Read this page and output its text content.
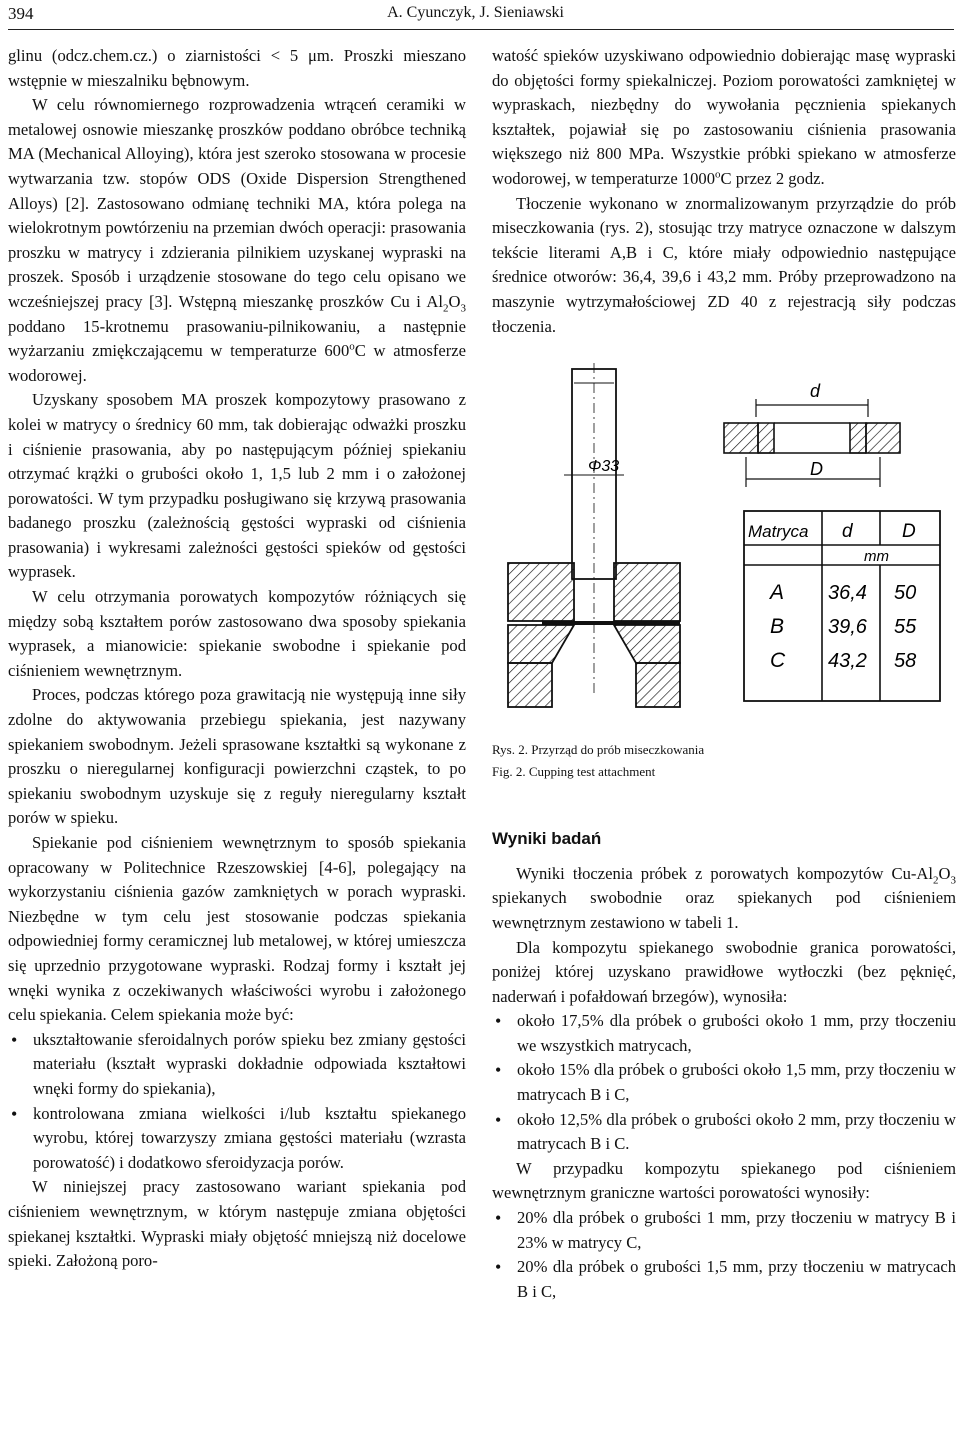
394	A. Cyunczyk, J. Sieniawski

glinu (odcz.chem.cz.) o ziarnistości < 5 μm. Proszki mieszano wstępnie w mieszalniku bębnowym.

W celu równomiernego rozprowadzenia wtrąceń ceramiki w metalowej osnowie mieszankę proszków poddano obróbce techniką MA (Mechanical Alloying), która jest szeroko stosowana w procesie wytwarzania tzw. stopów ODS (Oxide Dispersion Strengthened Alloys) [2]. Zastosowano odmianę techniki MA, która polega na wielokrotnym powtórzeniu na przemian dwóch operacji: prasowania proszku w matrycy i zdzierania pilnikiem uzyskanej wypraski na proszek. Sposób i urządzenie stosowane do tego celu opisano we wcześniejszej pracy [3]. Wstępną mieszankę proszków Cu i $Al_2O_3$ poddano 15-krotnemu prasowaniu-pilnikowaniu, a następnie wyżarzaniu zmiękczającemu w temperaturze 600$^o$C w atmosferze wodorowej.

Uzyskany sposobem MA proszek kompozytowy prasowano z kolei w matrycy o średnicy 60 mm, tak dobierając odważki proszku i ciśnienie prasowania, aby po następującym później spiekaniu otrzymać krążki o grubości około 1, 1,5 lub 2 mm i o założonej porowatości. W tym przypadku posługiwano się krzywą prasowania badanego proszku (zależnością gęstości wypraski od ciśnienia prasowania) i wykresami zależności gęstości spieków od gęstości wyprasek.

W celu otrzymania porowatych kompozytów różniących się między sobą kształtem porów zastosowano dwa sposoby spiekania wyprasek, a mianowicie: spiekanie swobodne i spiekanie pod ciśnieniem wewnętrznym.

Proces, podczas którego poza grawitacją nie występują inne siły zdolne do aktywowania przebiegu spiekania, jest nazywany spiekaniem swobodnym. Jeżeli sprasowane kształtki są wykonane z proszku o nieregularnej konfiguracji powierzchni cząstek, to po spiekaniu swobodnym uzyskuje się z reguły nieregularny kształt porów w spieku.

Spiekanie pod ciśnieniem wewnętrznym to sposób spiekania opracowany w Politechnice Rzeszowskiej [4-6], polegający na wykorzystaniu ciśnienia gazów zamkniętych w porach wypraski. Niezbędne w tym celu jest stosowanie podczas spiekania odpowiedniej formy ceramicznej lub metalowej, w której umieszcza się uprzednio przygotowane wypraski. Rodzaj formy i kształt jej wnęki wynika z oczekiwanych właściwości wyrobu i założonego celu spiekania. Celem spiekania może być:

• ukształtowanie sferoidalnych porów spieku bez zmiany gęstości materiału (kształt wypraski dokładnie odpowiada kształtowi wnęki formy do spiekania),
• kontrolowana zmiana wielkości i/lub kształtu spiekanego wyrobu, której towarzyszy zmiana gęstości materiału (wzrasta porowatość) i dodatkowo sferoidyzacja porów.

W niniejszej pracy zastosowano wariant spiekania pod ciśnieniem wewnętrznym, w którym następuje zmiana objętości spiekanej kształtki. Wypraski miały objętość mniejszą niż docelowe spieki. Założoną poro-

watość spieków uzyskiwano odpowiednio dobierając masę wypraski do objętości formy spiekalniczej. Poziom porowatości zamkniętej w wypraskach, niezbędny do wywołania pęcznienia spiekanych kształtek, pojawiał się po zastosowaniu ciśnienia prasowania większego niż 800 MPa. Wszystkie próbki spiekano w atmosferze wodorowej, w temperaturze 1000$^o$C przez 2 godz.

Tłoczenie wykonano w znormalizowanym przyrządzie do prób miseczkowania (rys. 2), stosując trzy matryce oznaczone w dalszym tekście literami A,B i C, które miały odpowiednio następujące średnice otworów: 36,4, 39,6 i 43,2 mm. Próby przeprowadzono na maszynie wytrzymałościowej ZD 40 z rejestracją siły podczas tłoczenia.

d
D
Φ33
Matryca d	D
mm
A 36,4 50
B 39,6 55
C 43,2 58

Rys. 2. Przyrząd do prób miseczkowania

Fig. 2. Cupping test attachment

Wyniki badań

Wyniki tłoczenia próbek z porowatych kompozytów $Cu-Al_2O_3$ spiekanych swobodnie oraz spiekanych pod ciśnieniem wewnętrznym zestawiono w tabeli 1.

Dla kompozytu spiekanego swobodnie granica porowatości, poniżej której uzyskano prawidłowe wytłoczki (bez pęknięć, naderwań i pofałdowań brzegów), wynosiła:

• około 17,5% dla próbek o grubości około 1 mm, przy tłoczeniu we wszystkich matrycach,
• około 15% dla próbek o grubości około 1,5 mm, przy tłoczeniu w matrycach B i C,
• około 12,5% dla próbek o grubości około 2 mm, przy tłoczeniu w matrycach B i C.

W przypadku kompozytu spiekanego pod ciśnieniem wewnętrznym graniczne wartości porowatości wynosiły:

• 20% dla próbek o grubości 1 mm, przy tłoczeniu w matrycy B i 23% w matrycy C,
• 20% dla próbek o grubości 1,5 mm, przy tłoczeniu w matrycach B i C,
